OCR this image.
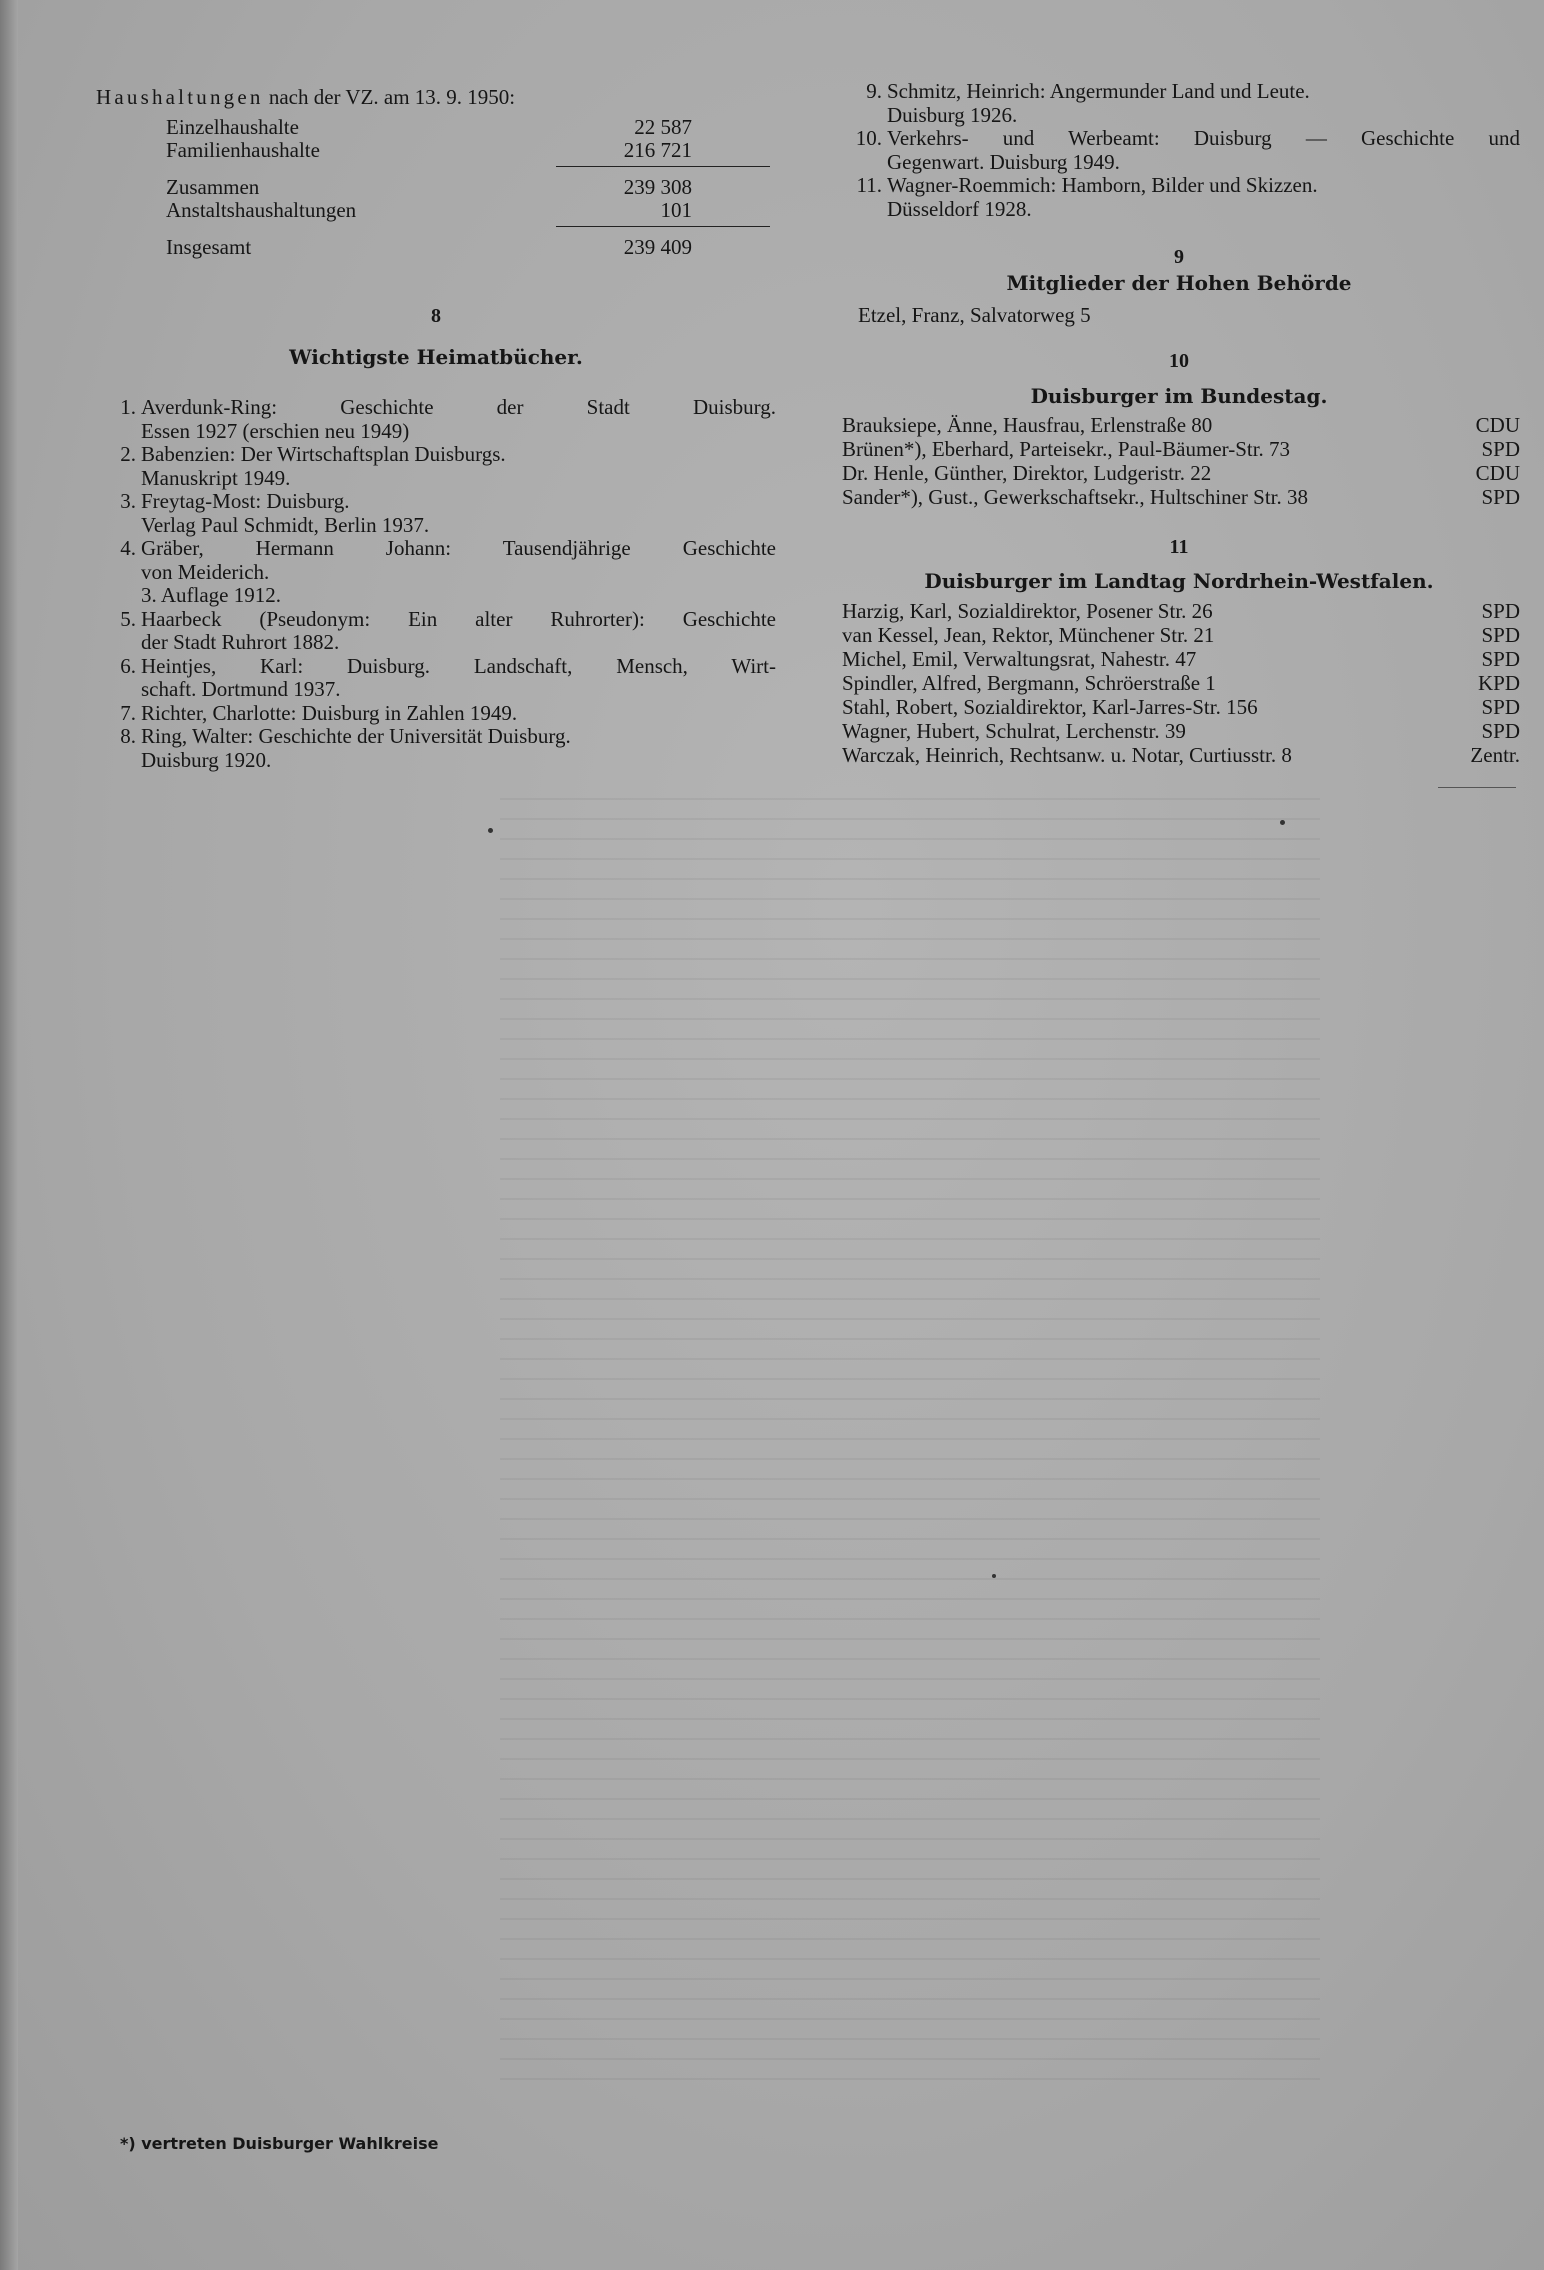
Haushaltungen nach der VZ. am 13. 9. 1950:
Einzelhaushalte	22 587
Familienhaushalte	216 721
Zusammen	239 308
Anstaltshaushaltungen	101
Insgesamt	239 409
8
Wichtigste Heimatbücher.
1. Averdunk-Ring: Geschichte der Stadt Duisburg.
Essen 1927 (erschien neu 1949)
2. Babenzien: Der Wirtschaftsplan Duisburgs.
Manuskript 1949.
3. Freytag-Most: Duisburg.
Verlag Paul Schmidt, Berlin 1937.
4. Gräber, Hermann Johann: Tausendjährige Geschichte
von Meiderich.
3. Auflage 1912.
5. Haarbeck (Pseudonym: Ein alter Ruhrorter): Geschichte
der Stadt Ruhrort 1882.
6. Heintjes, Karl: Duisburg. Landschaft, Mensch, Wirt-
schaft. Dortmund 1937.
7. Richter, Charlotte: Duisburg in Zahlen 1949.
8. Ring, Walter: Geschichte der Universität Duisburg.
Duisburg 1920.
9. Schmitz, Heinrich: Angermunder Land und Leute.
Duisburg 1926.
10. Verkehrs- und Werbeamt: Duisburg — Geschichte und
Gegenwart. Duisburg 1949.
11. Wagner-Roemmich: Hamborn, Bilder und Skizzen.
Düsseldorf 1928.
9
Mitglieder der Hohen Behörde
Etzel, Franz, Salvatorweg 5
10
Duisburger im Bundestag.
Brauksiepe, Änne, Hausfrau, Erlenstraße 80	CDU
Brünen*), Eberhard, Parteisekr., Paul-Bäumer-Str. 73	SPD
Dr. Henle, Günther, Direktor, Ludgeristr. 22	CDU
Sander*), Gust., Gewerkschaftsekr., Hultschiner Str. 38	SPD
11
Duisburger im Landtag Nordrhein-Westfalen.
Harzig, Karl, Sozialdirektor, Posener Str. 26	SPD
van Kessel, Jean, Rektor, Münchener Str. 21	SPD
Michel, Emil, Verwaltungsrat, Nahestr. 47	SPD
Spindler, Alfred, Bergmann, Schröerstraße 1	KPD
Stahl, Robert, Sozialdirektor, Karl-Jarres-Str. 156	SPD
Wagner, Hubert, Schulrat, Lerchenstr. 39	SPD
Warczak, Heinrich, Rechtsanw. u. Notar, Curtiusstr. 8	Zentr.
*) vertreten Duisburger Wahlkreise
